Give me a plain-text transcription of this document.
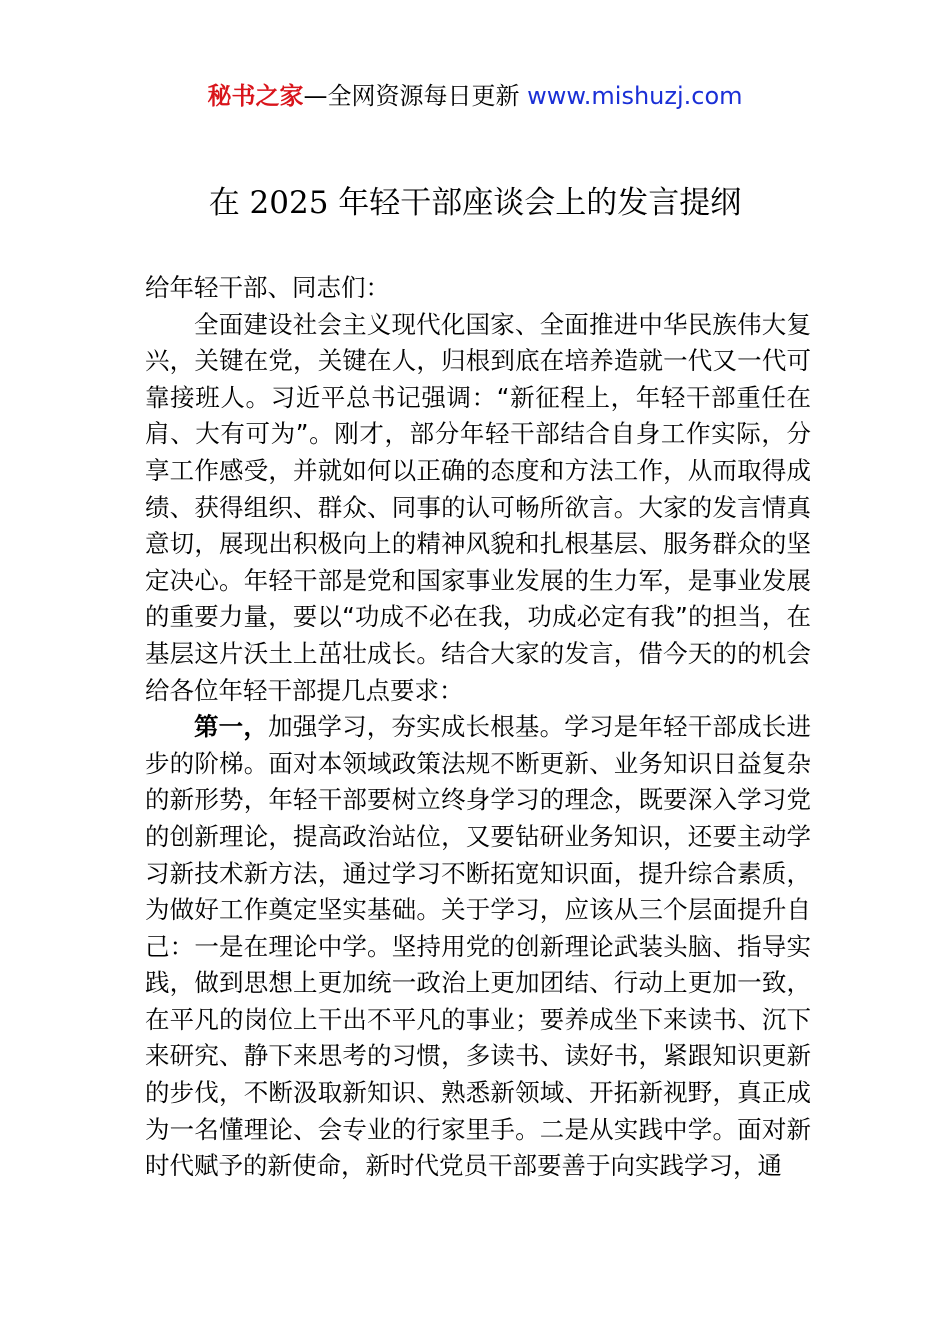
秘书之家—全网资源每日更新 www.mishuzj.com
在 2025 年轻干部座谈会上的发言提纲

给年轻干部、同志们：

全面建设社会主义现代化国家、全面推进中华民族伟大复兴，关键在党，关键在人，归根到底在培养造就一代又一代可靠接班人。习近平总书记强调：“新征程上，年轻干部重任在肩、大有可为”。刚才，部分年轻干部结合自身工作实际，分享工作感受，并就如何以正确的态度和方法工作，从而取得成绩、获得组织、群众、同事的认可畅所欲言。大家的发言情真意切，展现出积极向上的精神风貌和扎根基层、服务群众的坚定决心。年轻干部是党和国家事业发展的生力军，是事业发展的重要力量，要以“功成不必在我，功成必定有我”的担当，在基层这片沃土上茁壮成长。结合大家的发言，借今天的的机会给各位年轻干部提几点要求：

第一，加强学习，夯实成长根基。学习是年轻干部成长进步的阶梯。面对本领域政策法规不断更新、业务知识日益复杂的新形势，年轻干部要树立终身学习的理念，既要深入学习党的创新理论，提高政治站位，又要钻研业务知识，还要主动学习新技术新方法，通过学习不断拓宽知识面，提升综合素质，为做好工作奠定坚实基础。关于学习，应该从三个层面提升自己：一是在理论中学。坚持用党的创新理论武装头脑、指导实践，做到思想上更加统一政治上更加团结、行动上更加一致，在平凡的岗位上干出不平凡的事业；要养成坐下来读书、沉下来研究、静下来思考的习惯，多读书、读好书，紧跟知识更新的步伐，不断汲取新知识、熟悉新领域、开拓新视野，真正成为一名懂理论、会专业的行家里手。二是从实践中学。面对新时代赋予的新使命，新时代党员干部要善于向实践学习，通
